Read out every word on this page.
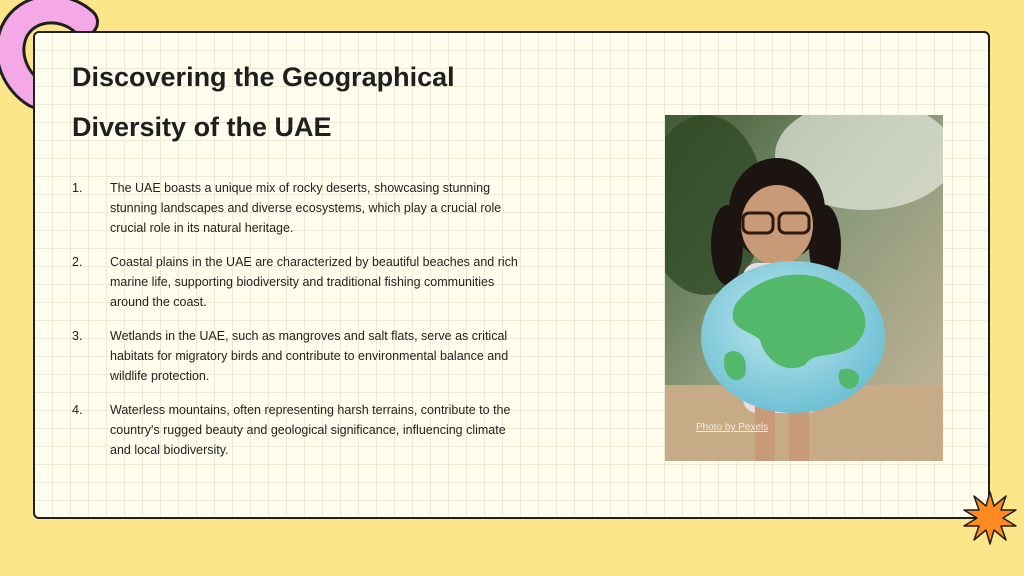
Discovering the Geographical
Diversity of the UAE
1.	The UAE boasts a unique mix of rocky deserts, showcasing stunning stunning landscapes and diverse ecosystems, which play a crucial role crucial role in its natural heritage.
2.	Coastal plains in the UAE are characterized by beautiful beaches and rich marine life, supporting biodiversity and traditional fishing communities around the coast.
3.	Wetlands in the UAE, such as mangroves and salt flats, serve as critical habitats for migratory birds and contribute to environmental balance and wildlife protection.
4.	Waterless mountains, often representing harsh terrains, contribute to the country's rugged beauty and geological significance, influencing climate and local biodiversity.
Photo by Pexels
